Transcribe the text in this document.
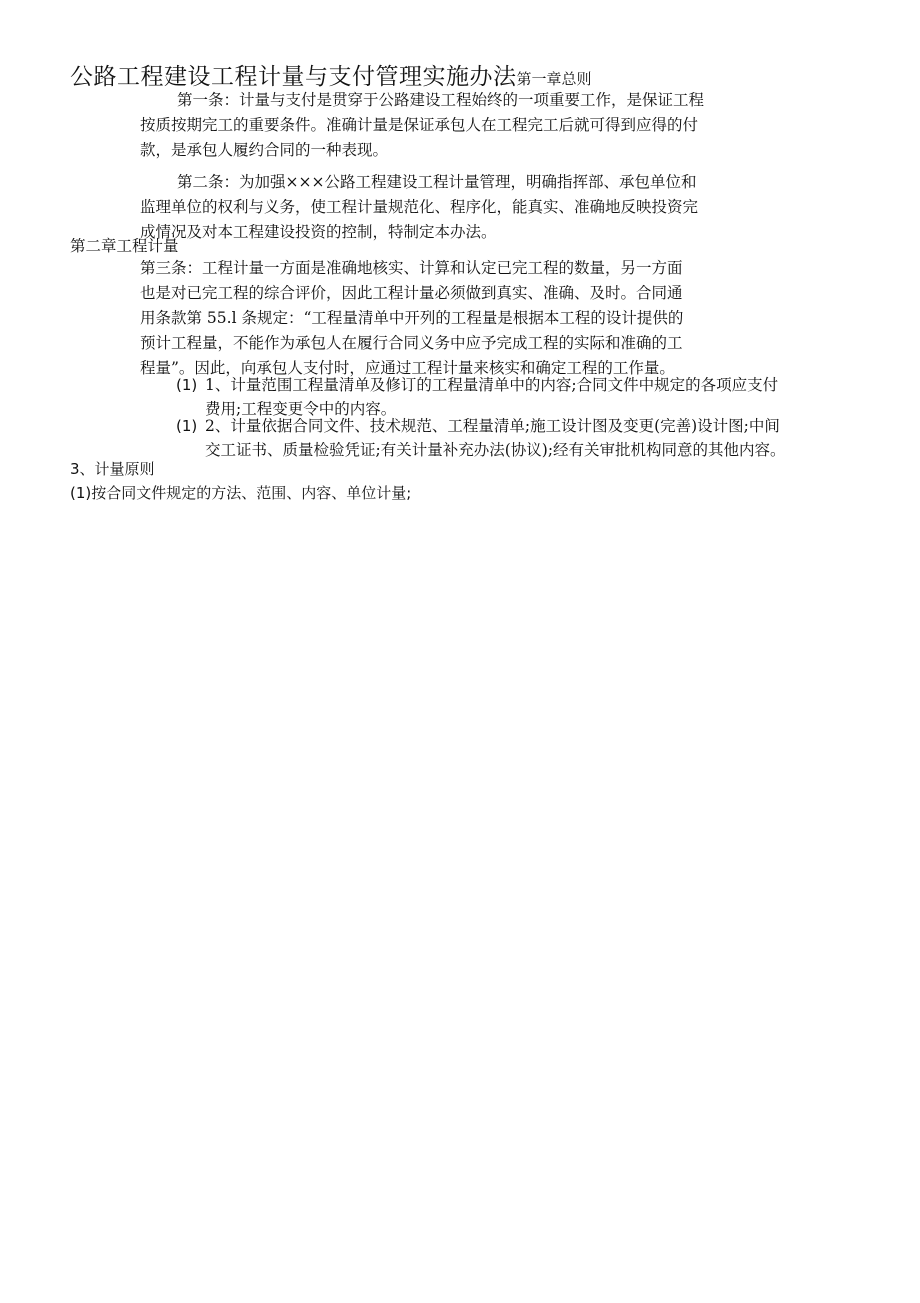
公路工程建设工程计量与支付管理实施办法第一章总则
第一条：计量与支付是贯穿于公路建设工程始终的一项重要工作，是保证工程
按质按期完工的重要条件。准确计量是保证承包人在工程完工后就可得到应得的付
款，是承包人履约合同的一种表现。
第二条：为加强×××公路工程建设工程计量管理，明确指挥部、承包单位和
监理单位的权利与义务，使工程计量规范化、程序化，能真实、准确地反映投资完
成情况及对本工程建设投资的控制，特制定本办法。
第二章工程计量
第三条：工程计量一方面是准确地核实、计算和认定已完工程的数量，另一方面
也是对已完工程的综合评价，因此工程计量必须做到真实、准确、及时。合同通
用条款第 55.l 条规定：“工程量清单中开列的工程量是根据本工程的设计提供的
预计工程量，不能作为承包人在履行合同义务中应予完成工程的实际和准确的工
程量”。因此，向承包人支付时，应通过工程计量来核实和确定工程的工作量。
(1) 1、计量范围工程量清单及修订的工程量清单中的内容;合同文件中规定的各项应支付
费用;工程变更令中的内容。
(1) 2、计量依据合同文件、技术规范、工程量清单;施工设计图及变更(完善)设计图;中间
交工证书、质量检验凭证;有关计量补充办法(协议);经有关审批机构同意的其他内容。
3、计量原则
(1)按合同文件规定的方法、范围、内容、单位计量;
